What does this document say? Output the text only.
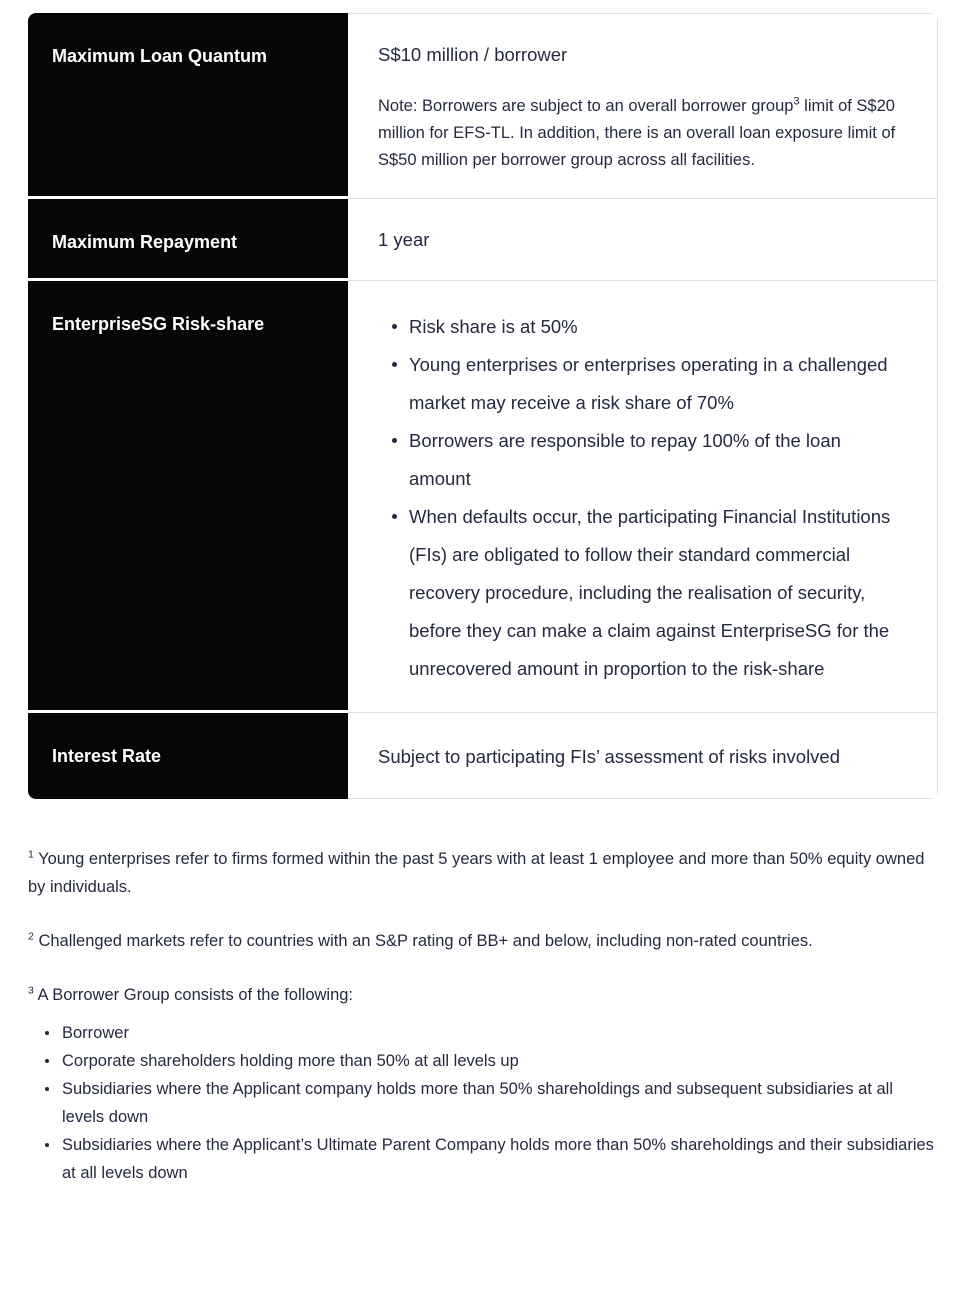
Maximum Loan Quantum	S$10 million / borrower

Note: Borrowers are subject to an overall borrower group$^3$ limit of S$20 million for EFS-TL. In addition, there is an overall loan exposure limit of S$50 million per borrower group across all facilities.

Maximum Repayment	1 year

EnterpriseSG Risk-share	Risk share is at 50%
Young enterprises or enterprises operating in a challenged market may receive a risk share of 70%
Borrowers are responsible to repay 100% of the loan amount
When defaults occur, the participating Financial Institutions (FIs) are obligated to follow their standard commercial recovery procedure, including the realisation of security, before they can make a claim against EnterpriseSG for the unrecovered amount in proportion to the risk-share
Interest Rate	Subject to participating FIs’ assessment of risks involved

$^1$ Young enterprises refer to firms formed within the past 5 years with at least 1 employee and more than 50% equity owned by individuals.

$^2$ Challenged markets refer to countries with an S&P rating of BB+ and below, including non-rated countries.

$^3$ A Borrower Group consists of the following:

Borrower
Corporate shareholders holding more than 50% at all levels up
Subsidiaries where the Applicant company holds more than 50% shareholdings and subsequent subsidiaries at all levels down
Subsidiaries where the Applicant’s Ultimate Parent Company holds more than 50% shareholdings and their subsidiaries at all levels down
